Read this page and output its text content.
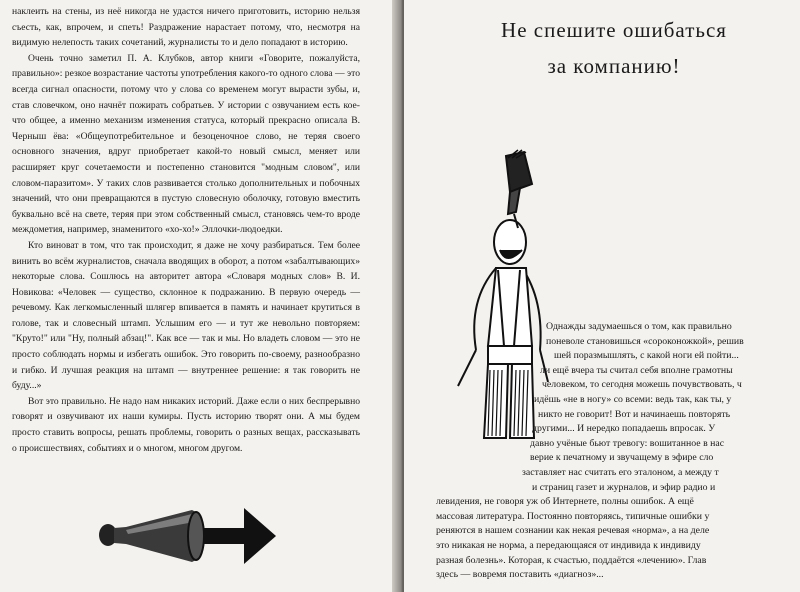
наклеить на стены, из неё никогда не удастся ничего приготовить, историю нельзя съесть, как, впрочем, и спеть! Раздражение нарастает потому, что, несмотря на видимую нелепость таких сочетаний, журналисты то и дело попадают в историю.

Очень точно заметил П. А. Клубков, автор книги «Говорите, пожалуйста, правильно»: резкое возрастание частоты употребления какого-то одного слова — это всегда сигнал опасности, потому что у слова со временем могут вырасти зубы, и, став словечком, оно начнёт пожирать собратьев. У истории с озвучанием есть кое-что общее, а именно механизм изменения статуса, который прекрасно описала В. Черныш ёва: «Общеупотребительное и безоценочное слово, не теряя своего основного значения, вдруг приобретает какой-то новый смысл, меняет или расширяет круг сочетаемости и постепенно становится "модным словом", или словом-паразитом». У таких слов развивается столько дополнительных и побочных значений, что они превращаются в пустую словесную оболочку, готовую вместить буквально всё на свете, теряя при этом собственный смысл, становясь чем-то вроде междометия, например, знаменитого «хо-хо!» Эллочки-людоедки.

Кто виноват в том, что так происходит, я даже не хочу разбираться. Тем более винить во всём журналистов, сначала вводящих в оборот, а потом «забалтывающих» некоторые слова. Сошлюсь на авторитет автора «Словаря модных слов» В. И. Новикова: «Человек — существо, склонное к подражанию. В первую очередь — речевому. Как легкомысленный шлягер впивается в память и начинает крутиться в голове, так и словесный штамп. Услышим его — и тут же невольно повторяем: "Круто!" или "Ну, полный абзац!". Как все — так и мы. Но владеть словом — это не просто соблюдать нормы и избегать ошибок. Это говорить по-своему, разнообразно и гибко. И лучшая реакция на штамп — внутреннее решение: я так говорить не буду...»

Вот это правильно. Не надо нам никаких историй. Даже если о них беспрерывно говорят и озвучивают их наши кумиры. Пусть историю творят они. А мы будем просто ставить вопросы, решать проблемы, говорить о разных вещах, рассказывать о происшествиях, событиях и о многом, многом другом.

Не спешите ошибаться
за компанию!
Однажды задумаешься о том, как правильно
поневоле становишься «сороконожкой», решив
шей поразмышлять, с какой ноги ей пойти...
ли ещё вчера ты считал себя вполне грамотны
человеком, то сегодня можешь почувствовать, ч
идёшь «не в ногу» со всеми: ведь так, как ты, у
никто не говорит! Вот и начинаешь повторять
другими... И нередко попадаешь впросак. У
давно учёные бьют тревогу: вошитанное в нас
верие к печатному и звучащему в эфире сло
заставляет нас считать его эталоном, а между т
и страниц газет и журналов, и эфир радио и
левидения, не говоря уж об Интернете, полны ошибок. А ещё
массовая литература. Постоянно повторяясь, типичные ошибки у
реняются в нашем сознании как некая речевая «норма», а на деле
это никакая не норма, а передающаяся от индивида к индивиду
разная болезнь». Которая, к счастью, поддаётся «лечению». Глав
здесь — вовремя поставить «диагноз»...
